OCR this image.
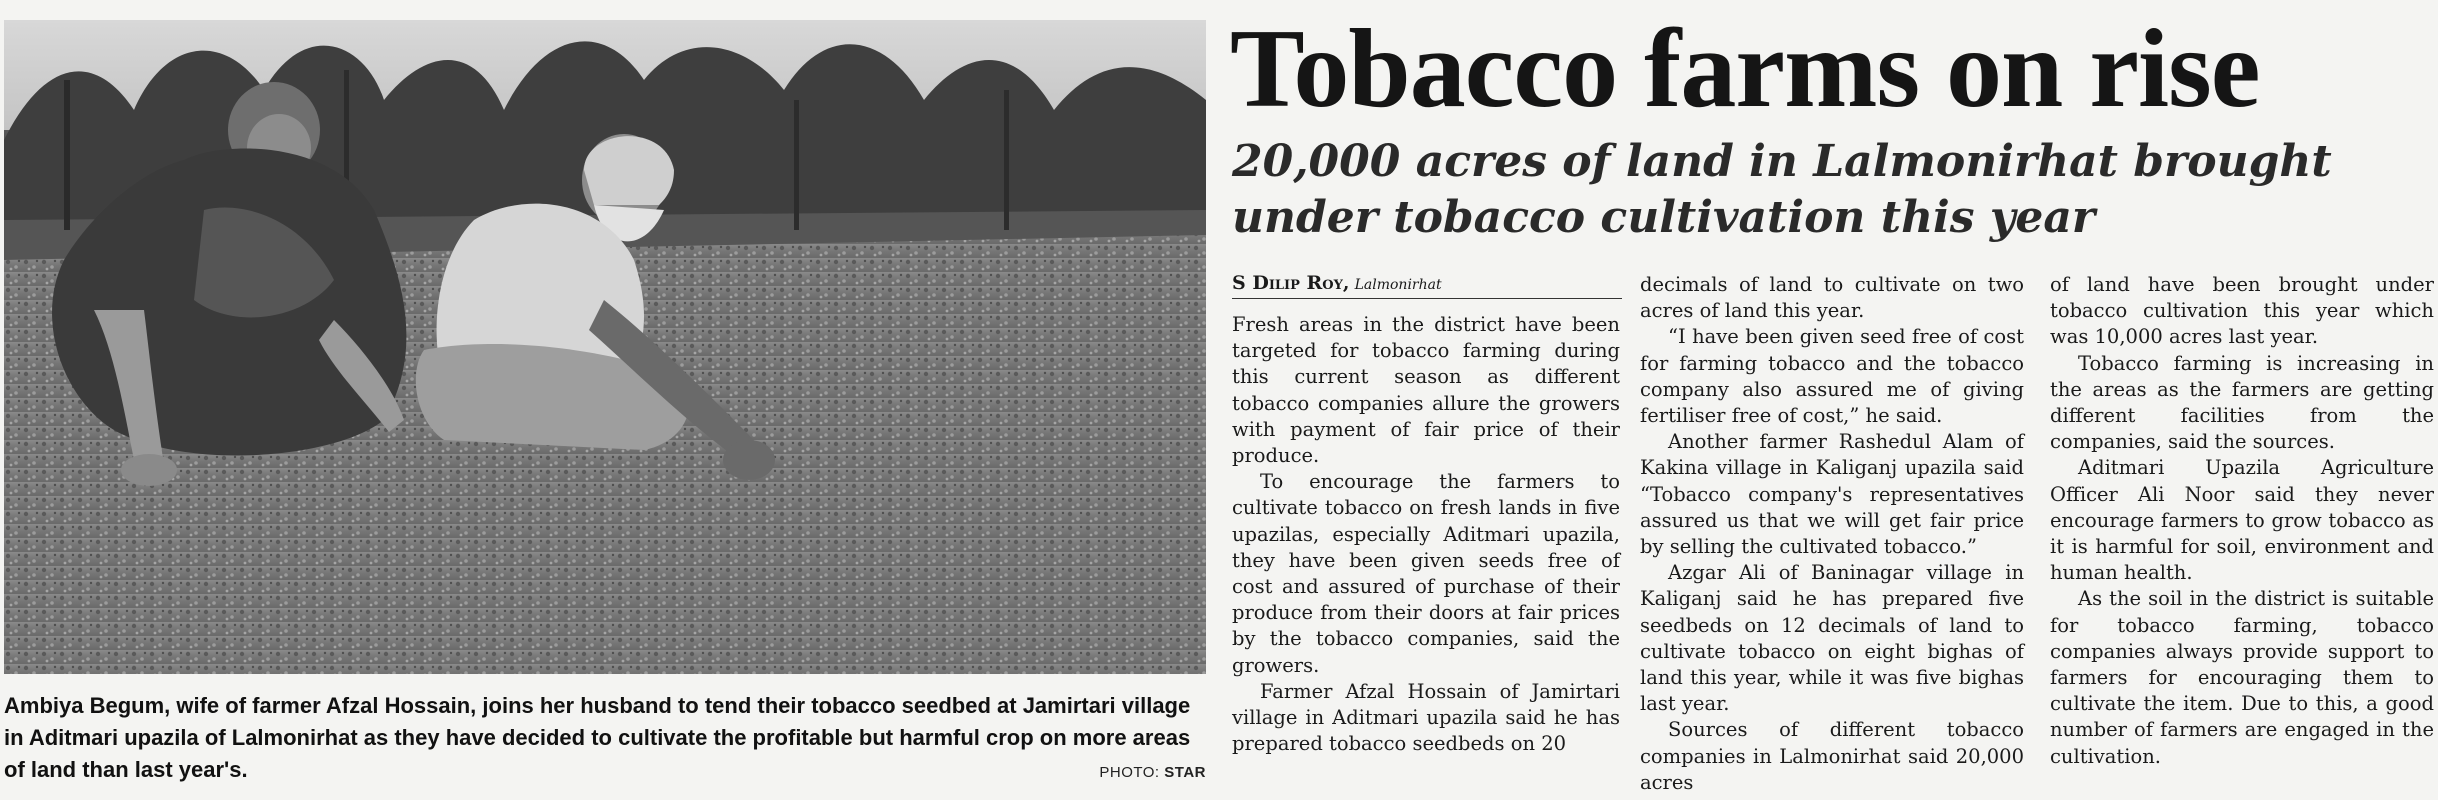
Ambiya Begum, wife of farmer Afzal Hossain, joins her husband to tend their tobacco seedbed at Jamirtari village in Aditmari upazila of Lalmonirhat as they have decided to cultivate the profitable but harmful crop on more areas of land than last year's.	PHOTO: STAR
Tobacco farms on rise
20,000 acres of land in Lalmonirhat brought under tobacco cultivation this year
S Dilip Roy, Lalmonirhat

Fresh areas in the district have been targeted for tobacco farming during this current season as different tobacco companies allure the growers with payment of fair price of their produce.

To encourage the farmers to cultivate tobacco on fresh lands in five upazilas, especially Aditmari upazila, they have been given seeds free of cost and assured of purchase of their produce from their doors at fair prices by the tobacco companies, said the growers.

Farmer Afzal Hossain of Jamirtari village in Aditmari upazila said he has prepared tobacco seedbeds on 20

decimals of land to cultivate on two acres of land this year.

“I have been given seed free of cost for farming tobacco and the tobacco company also assured me of giving fertiliser free of cost,” he said.

Another farmer Rashedul Alam of Kakina village in Kaliganj upazila said “Tobacco company's representatives assured us that we will get fair price by selling the cultivated tobacco.”

Azgar Ali of Baninagar village in Kaliganj said he has prepared five seedbeds on 12 decimals of land to cultivate tobacco on eight bighas of land this year, while it was five bighas last year.

Sources of different tobacco companies in Lalmonirhat said 20,000 acres

of land have been brought under tobacco cultivation this year which was 10,000 acres last year.

Tobacco farming is increasing in the areas as the farmers are getting different facilities from the companies, said the sources.

Aditmari Upazila Agriculture Officer Ali Noor said they never encourage farmers to grow tobacco as it is harmful for soil, environment and human health.

As the soil in the district is suitable for tobacco farming, tobacco companies always provide support to farmers for encouraging them to cultivate the item. Due to this, a good number of farmers are engaged in the cultivation.
